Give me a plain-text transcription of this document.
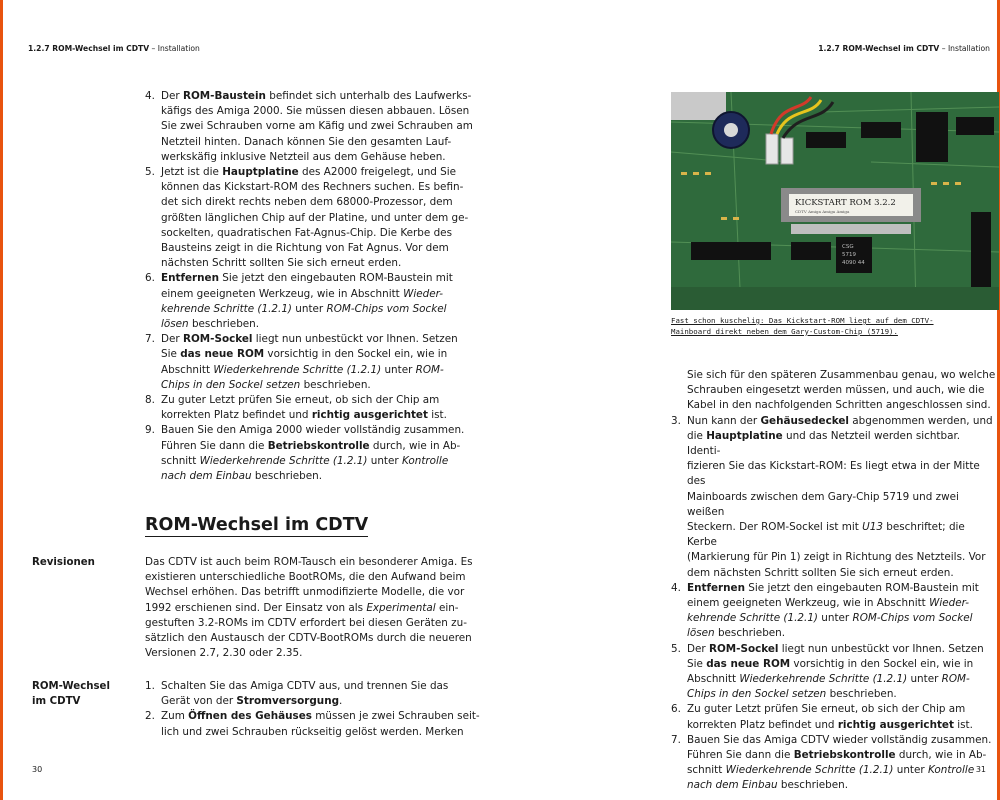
1.2.7 ROM-Wechsel im CDTV – Installation
4. Der ROM-Baustein befindet sich unterhalb des Laufwerks-
käfigs des Amiga 2000. Sie müssen diesen abbauen. Lösen
Sie zwei Schrauben vorne am Käfig und zwei Schrauben am
Netzteil hinten. Danach können Sie den gesamten Lauf-
werkskäfig inklusive Netzteil aus dem Gehäuse heben.
5. Jetzt ist die Hauptplatine des A2000 freigelegt, und Sie
können das Kickstart-ROM des Rechners suchen. Es befin-
det sich direkt rechts neben dem 68000-Prozessor, dem
größten länglichen Chip auf der Platine, und unter dem ge-
sockelten, quadratischen Fat-Agnus-Chip. Die Kerbe des
Bausteins zeigt in die Richtung von Fat Agnus. Vor dem
nächsten Schritt sollten Sie sich erneut erden.
6. Entfernen Sie jetzt den eingebauten ROM-Baustein mit
einem geeigneten Werkzeug, wie in Abschnitt Wieder-
kehrende Schritte (1.2.1) unter ROM-Chips vom Sockel
lösen beschrieben.
7. Der ROM-Sockel liegt nun unbestückt vor Ihnen. Setzen
Sie das neue ROM vorsichtig in den Sockel ein, wie in
Abschnitt Wiederkehrende Schritte (1.2.1) unter ROM-
Chips in den Sockel setzen beschrieben.
8. Zu guter Letzt prüfen Sie erneut, ob sich der Chip am
korrekten Platz befindet und richtig ausgerichtet ist.
9. Bauen Sie den Amiga 2000 wieder vollständig zusammen.
Führen Sie dann die Betriebskontrolle durch, wie in Ab-
schnitt Wiederkehrende Schritte (1.2.1) unter Kontrolle
nach dem Einbau beschrieben.
ROM-Wechsel im CDTV
Revisionen	Das CDTV ist auch beim ROM-Tausch ein besonderer Amiga. Es
existieren unterschiedliche BootROMs, die den Aufwand beim
Wechsel erhöhen. Das betrifft unmodifizierte Modelle, die vor
1992 erschienen sind. Der Einsatz von als Experimental ein-
gestuften 3.2-ROMs im CDTV erfordert bei diesen Geräten zu-
sätzlich den Austausch der CDTV-BootROMs durch die neueren
Versionen 2.7, 2.30 oder 2.35.
ROM-Wechsel
im CDTV
1. Schalten Sie das Amiga CDTV aus, und trennen Sie das
Gerät von der Stromversorgung.
2. Zum Öffnen des Gehäuses müssen je zwei Schrauben seit-
lich und zwei Schrauben rückseitig gelöst werden. Merken
30
1.2.7 ROM-Wechsel im CDTV – Installation
31
KICKSTART ROM 3.2.2
CDTV Amiga Amiga Amiga
CSG
5719
4090 44
Fast schon kuschelig: Das Kickstart-ROM liegt auf dem CDTV-
Mainboard direkt neben dem Gary-Custom-Chip (5719).
Sie sich für den späteren Zusammenbau genau, wo welche
Schrauben eingesetzt werden müssen, und auch, wie die
Kabel in den nachfolgenden Schritten angeschlossen sind.
3. Nun kann der Gehäusedeckel abgenommen werden, und
die Hauptplatine und das Netzteil werden sichtbar. Identi-
fizieren Sie das Kickstart-ROM: Es liegt etwa in der Mitte des
Mainboards zwischen dem Gary-Chip 5719 und zwei weißen
Steckern. Der ROM-Sockel ist mit U13 beschriftet; die Kerbe
(Markierung für Pin 1) zeigt in Richtung des Netzteils. Vor
dem nächsten Schritt sollten Sie sich erneut erden.
4. Entfernen Sie jetzt den eingebauten ROM-Baustein mit
einem geeigneten Werkzeug, wie in Abschnitt Wieder-
kehrende Schritte (1.2.1) unter ROM-Chips vom Sockel
lösen beschrieben.
5. Der ROM-Sockel liegt nun unbestückt vor Ihnen. Setzen
Sie das neue ROM vorsichtig in den Sockel ein, wie in
Abschnitt Wiederkehrende Schritte (1.2.1) unter ROM-
Chips in den Sockel setzen beschrieben.
6. Zu guter Letzt prüfen Sie erneut, ob sich der Chip am
korrekten Platz befindet und richtig ausgerichtet ist.
7. Bauen Sie das Amiga CDTV wieder vollständig zusammen.
Führen Sie dann die Betriebskontrolle durch, wie in Ab-
schnitt Wiederkehrende Schritte (1.2.1) unter Kontrolle
nach dem Einbau beschrieben.
